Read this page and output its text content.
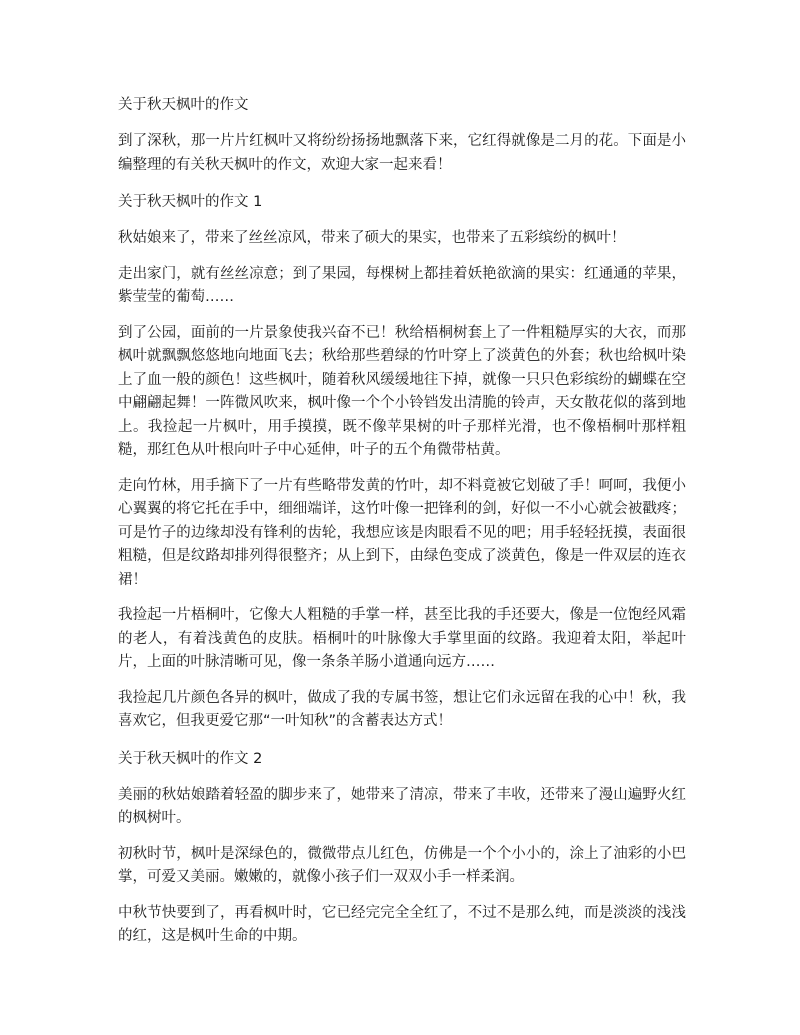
关于秋天枫叶的作文

到了深秋，那一片片红枫叶又将纷纷扬扬地飘落下来，它红得就像是二月的花。下面是小编整理的有关秋天枫叶的作文，欢迎大家一起来看！

关于秋天枫叶的作文 1

秋姑娘来了，带来了丝丝凉风，带来了硕大的果实，也带来了五彩缤纷的枫叶！

走出家门，就有丝丝凉意；到了果园，每棵树上都挂着妖艳欲滴的果实：红通通的苹果，紫莹莹的葡萄……

到了公园，面前的一片景象使我兴奋不已！秋给梧桐树套上了一件粗糙厚实的大衣，而那枫叶就飘飘悠悠地向地面飞去；秋给那些碧绿的竹叶穿上了淡黄色的外套；秋也给枫叶染上了血一般的颜色！这些枫叶，随着秋风缓缓地往下掉，就像一只只色彩缤纷的蝴蝶在空中翩翩起舞！一阵微风吹来，枫叶像一个个小铃铛发出清脆的铃声，天女散花似的落到地上。我捡起一片枫叶，用手摸摸，既不像苹果树的叶子那样光滑，也不像梧桐叶那样粗糙，那红色从叶根向叶子中心延伸，叶子的五个角微带枯黄。

走向竹林，用手摘下了一片有些略带发黄的竹叶，却不料竟被它划破了手！呵呵，我便小心翼翼的将它托在手中，细细端详，这竹叶像一把锋利的剑，好似一不小心就会被戳疼；可是竹子的边缘却没有锋利的齿轮，我想应该是肉眼看不见的吧；用手轻轻抚摸，表面很粗糙，但是纹路却排列得很整齐；从上到下，由绿色变成了淡黄色，像是一件双层的连衣裙！

我捡起一片梧桐叶，它像大人粗糙的手掌一样，甚至比我的手还要大，像是一位饱经风霜的老人，有着浅黄色的皮肤。梧桐叶的叶脉像大手掌里面的纹路。我迎着太阳，举起叶片，上面的叶脉清晰可见，像一条条羊肠小道通向远方……

我捡起几片颜色各异的枫叶，做成了我的专属书签，想让它们永远留在我的心中！秋，我喜欢它，但我更爱它那“一叶知秋”的含蓄表达方式！

关于秋天枫叶的作文 2

美丽的秋姑娘踏着轻盈的脚步来了，她带来了清凉，带来了丰收，还带来了漫山遍野火红的枫树叶。

初秋时节，枫叶是深绿色的，微微带点儿红色，仿佛是一个个小小的，涂上了油彩的小巴掌，可爱又美丽。嫩嫩的，就像小孩子们一双双小手一样柔润。

中秋节快要到了，再看枫叶时，它已经完完全全红了，不过不是那么纯，而是淡淡的浅浅的红，这是枫叶生命的中期。
